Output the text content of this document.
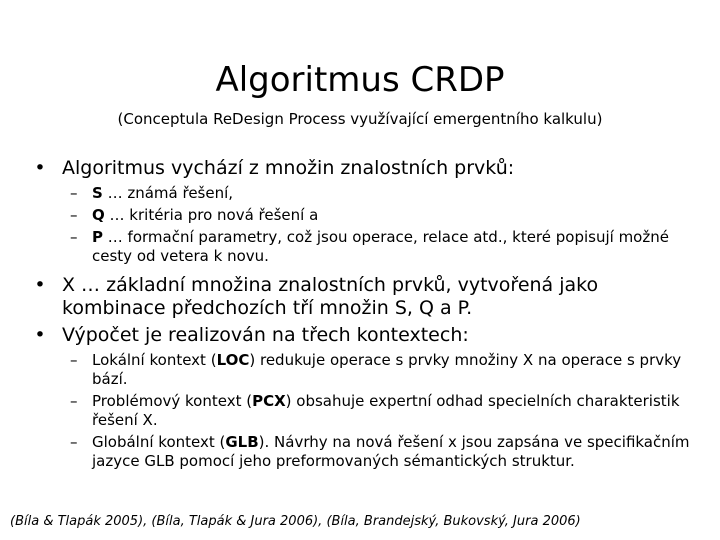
Algoritmus CRDP
(Conceptula ReDesign Process využívající emergentního kalkulu)
• Algoritmus vychází z množin znalostních prvků:
– S … známá řešení,
– Q … kritéria pro nová řešení a
– P … formační parametry, což jsou operace, relace atd., které popisují možné cesty od vetera k novu.
• X … základní množina znalostních prvků, vytvořená jako kombinace předchozích tří množin S, Q a P.
• Výpočet je realizován na třech kontextech:
– Lokální kontext (LOC) redukuje operace s prvky množiny X na operace s prvky bází.
– Problémový kontext (PCX) obsahuje expertní odhad specielních charakteristik řešení X.
– Globální kontext (GLB). Návrhy na nová řešení x jsou zapsána ve specifikačním jazyce GLB pomocí jeho preformovaných sémantických struktur.
(Bíla & Tlapák 2005), (Bíla, Tlapák & Jura 2006), (Bíla, Brandejský, Bukovský, Jura 2006)
